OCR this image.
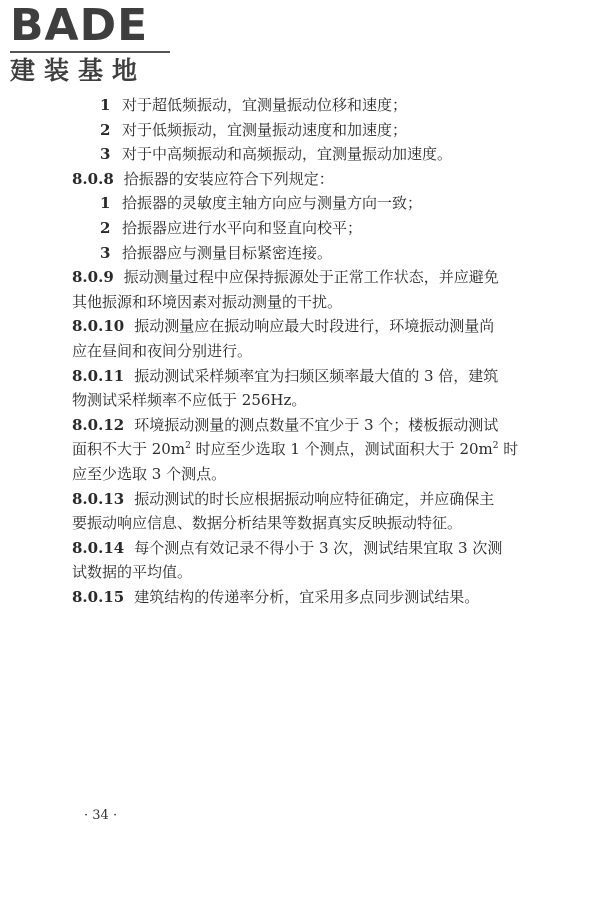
BADE
建装基地
1 对于超低频振动，宜测量振动位移和速度；
2 对于低频振动，宜测量振动速度和加速度；
3 对于中高频振动和高频振动，宜测量振动加速度。
8.0.8 拾振器的安装应符合下列规定：
1 拾振器的灵敏度主轴方向应与测量方向一致；
2 拾振器应进行水平向和竖直向校平；
3 拾振器应与测量目标紧密连接。
8.0.9 振动测量过程中应保持振源处于正常工作状态，并应避免
其他振源和环境因素对振动测量的干扰。
8.0.10 振动测量应在振动响应最大时段进行，环境振动测量尚
应在昼间和夜间分别进行。
8.0.11 振动测试采样频率宜为扫频区频率最大值的 3 倍，建筑
物测试采样频率不应低于 256Hz。
8.0.12 环境振动测量的测点数量不宜少于 3 个；楼板振动测试
面积不大于 $20m^2$ 时应至少选取 1 个测点，测试面积大于 $20m^2$ 时
应至少选取 3 个测点。
8.0.13 振动测试的时长应根据振动响应特征确定，并应确保主
要振动响应信息、数据分析结果等数据真实反映振动特征。
8.0.14 每个测点有效记录不得小于 3 次，测试结果宜取 3 次测
试数据的平均值。
8.0.15 建筑结构的传递率分析，宜采用多点同步测试结果。
· 34 ·
